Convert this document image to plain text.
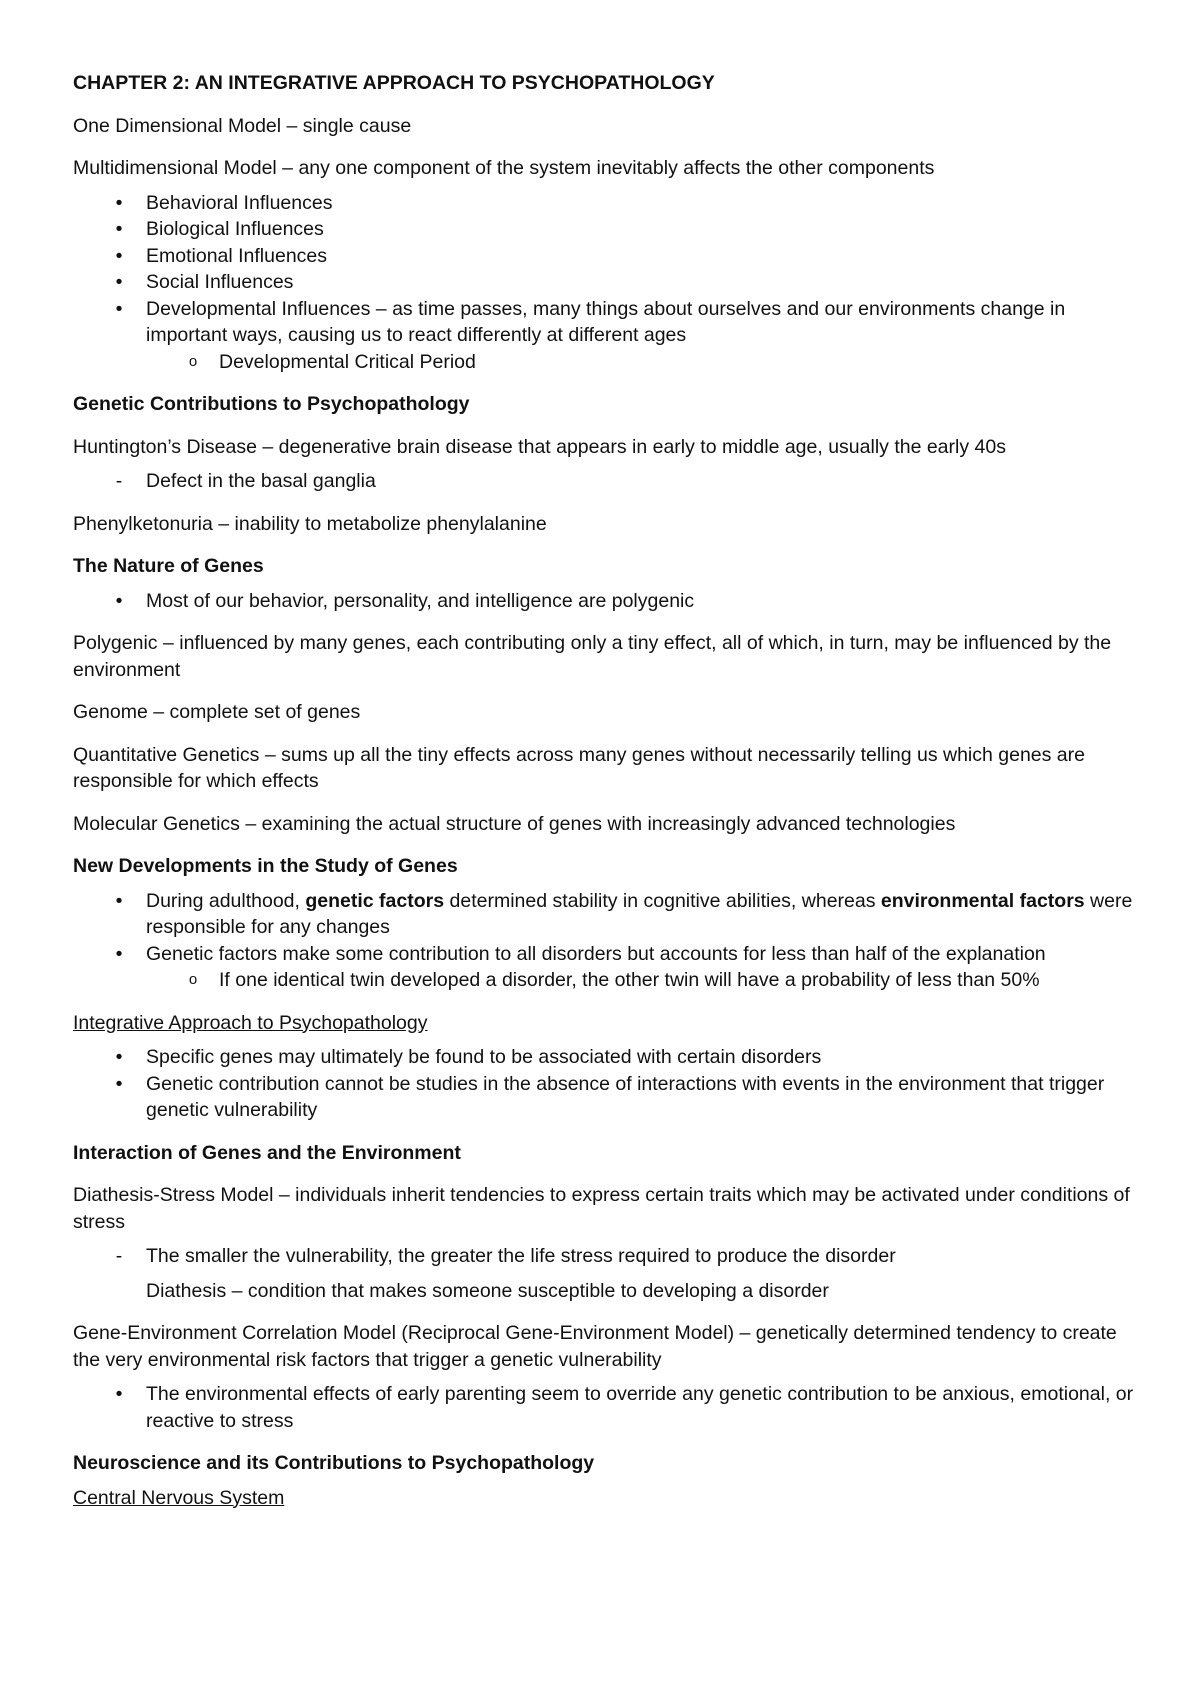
CHAPTER 2: AN INTEGRATIVE APPROACH TO PSYCHOPATHOLOGY

One Dimensional Model – single cause

Multidimensional Model – any one component of the system inevitably affects the other components

•	Behavioral Influences
•	Biological Influences
•	Emotional Influences
•	Social Influences
•	Developmental Influences – as time passes, many things about ourselves and our environments change in important ways, causing us to react differently at different ages
o Developmental Critical Period

Genetic Contributions to Psychopathology

Huntington’s Disease – degenerative brain disease that appears in early to middle age, usually the early 40s

-	Defect in the basal ganglia

Phenylketonuria – inability to metabolize phenylalanine

The Nature of Genes

•	Most of our behavior, personality, and intelligence are polygenic

Polygenic – influenced by many genes, each contributing only a tiny effect, all of which, in turn, may be influenced by the environment

Genome – complete set of genes

Quantitative Genetics – sums up all the tiny effects across many genes without necessarily telling us which genes are responsible for which effects

Molecular Genetics – examining the actual structure of genes with increasingly advanced technologies

New Developments in the Study of Genes

•	During adulthood, genetic factors determined stability in cognitive abilities, whereas environmental factors were responsible for any changes
•	Genetic factors make some contribution to all disorders but accounts for less than half of the explanation
o If one identical twin developed a disorder, the other twin will have a probability of less than 50%

Integrative Approach to Psychopathology

•	Specific genes may ultimately be found to be associated with certain disorders
•	Genetic contribution cannot be studies in the absence of interactions with events in the environment that trigger genetic vulnerability

Interaction of Genes and the Environment

Diathesis-Stress Model – individuals inherit tendencies to express certain traits which may be activated under conditions of stress

-	The smaller the vulnerability, the greater the life stress required to produce the disorder

Diathesis – condition that makes someone susceptible to developing a disorder

Gene-Environment Correlation Model (Reciprocal Gene-Environment Model) – genetically determined tendency to create the very environmental risk factors that trigger a genetic vulnerability

•	The environmental effects of early parenting seem to override any genetic contribution to be anxious, emotional, or reactive to stress

Neuroscience and its Contributions to Psychopathology

Central Nervous System
